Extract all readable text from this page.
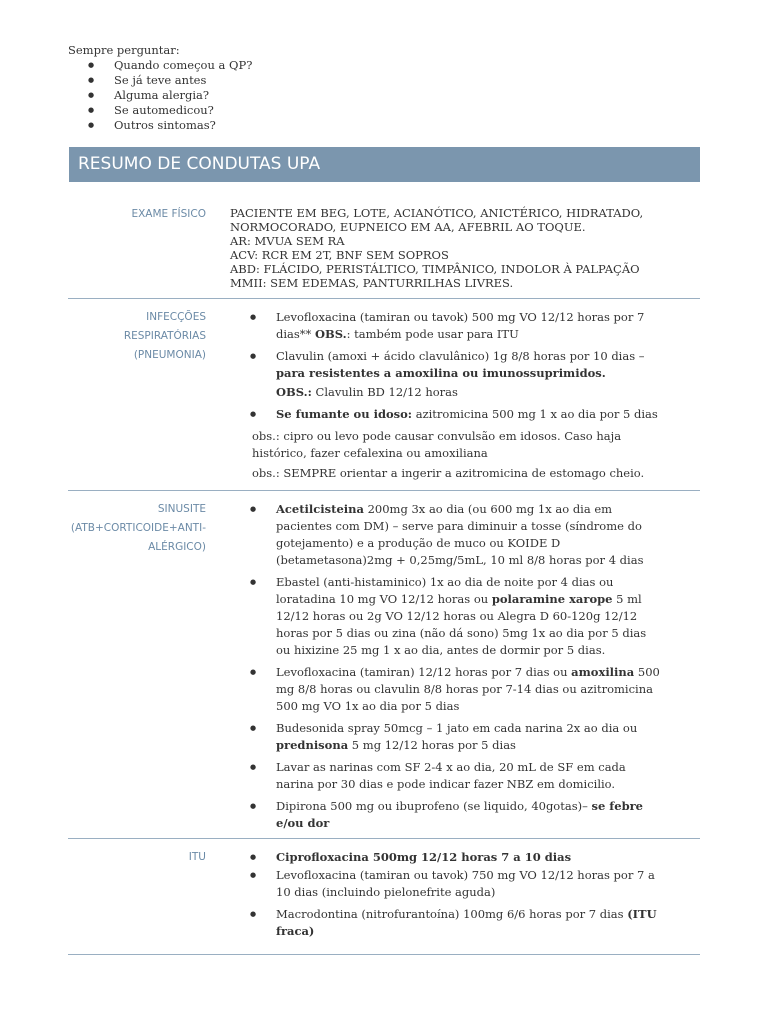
Sempre perguntar:
● Quando começou a QP?
● Se já teve antes
● Alguma alergia?
● Se automedicou?
● Outros sintomas?
RESUMO DE CONDUTAS UPA
EXAME FÍSICO PACIENTE EM BEG, LOTE, ACIANÓTICO, ANICTÉRICO, HIDRATADO, NORMOCORADO, EUPNEICO EM AA, AFEBRIL AO TOQUE.

AR: MVUA SEM RA

ACV: RCR EM 2T, BNF SEM SOPROS

ABD: FLÁCIDO, PERISTÁLTICO, TIMPÂNICO, INDOLOR À PALPAÇÃO

MMII: SEM EDEMAS, PANTURRILHAS LIVRES.

INFECÇÕES
RESPIRATÓRIAS
(PNEUMONIA)
● Levofloxacina (tamiran ou tavok) 500 mg VO 12/12 horas por 7 dias** OBS.: também pode usar para ITU
● Clavulin (amoxi + ácido clavulânico) 1g 8/8 horas por 10 dias – para resistentes a amoxilina ou imunossuprimidos.
OBS.: Clavulin BD 12/12 horas
● Se fumante ou idoso: azitromicina 500 mg 1 x ao dia por 5 dias
obs.: cipro ou levo pode causar convulsão em idosos. Caso haja histórico, fazer cefalexina ou amoxiliana
obs.: SEMPRE orientar a ingerir a azitromicina de estomago cheio.
SINUSITE
(ATB+CORTICOIDE+ANTI-
ALÉRGICO)
● Acetilcisteina 200mg 3x ao dia (ou 600 mg 1x ao dia em pacientes com DM) – serve para diminuir a tosse (síndrome do gotejamento) e a produção de muco ou KOIDE D (betametasona)2mg + 0,25mg/5mL, 10 ml 8/8 horas por 4 dias
● Ebastel (anti-histaminico) 1x ao dia de noite por 4 dias ou loratadina 10 mg VO 12/12 horas ou polaramine xarope 5 ml 12/12 horas ou 2g VO 12/12 horas ou Alegra D 60-120g 12/12 horas por 5 dias ou zina (não dá sono) 5mg 1x ao dia por 5 dias ou hixizine 25 mg 1 x ao dia, antes de dormir por 5 dias.
● Levofloxacina (tamiran) 12/12 horas por 7 dias ou amoxilina 500 mg 8/8 horas ou clavulin 8/8 horas por 7-14 dias ou azitromicina 500 mg VO 1x ao dia por 5 dias
● Budesonida spray 50mcg – 1 jato em cada narina 2x ao dia ou prednisona 5 mg 12/12 horas por 5 dias
● Lavar as narinas com SF 2-4 x ao dia, 20 mL de SF em cada narina por 30 dias e pode indicar fazer NBZ em domicilio.
● Dipirona 500 mg ou ibuprofeno (se liquido, 40gotas)– se febre e/ou dor
ITU
●	Ciprofloxacina 500mg 12/12 horas 7 a 10 dias
● Levofloxacina (tamiran ou tavok) 750 mg VO 12/12 horas por 7 a 10 dias (incluindo pielonefrite aguda)
● Macrodontina (nitrofurantoína) 100mg 6/6 horas por 7 dias (ITU fraca)
